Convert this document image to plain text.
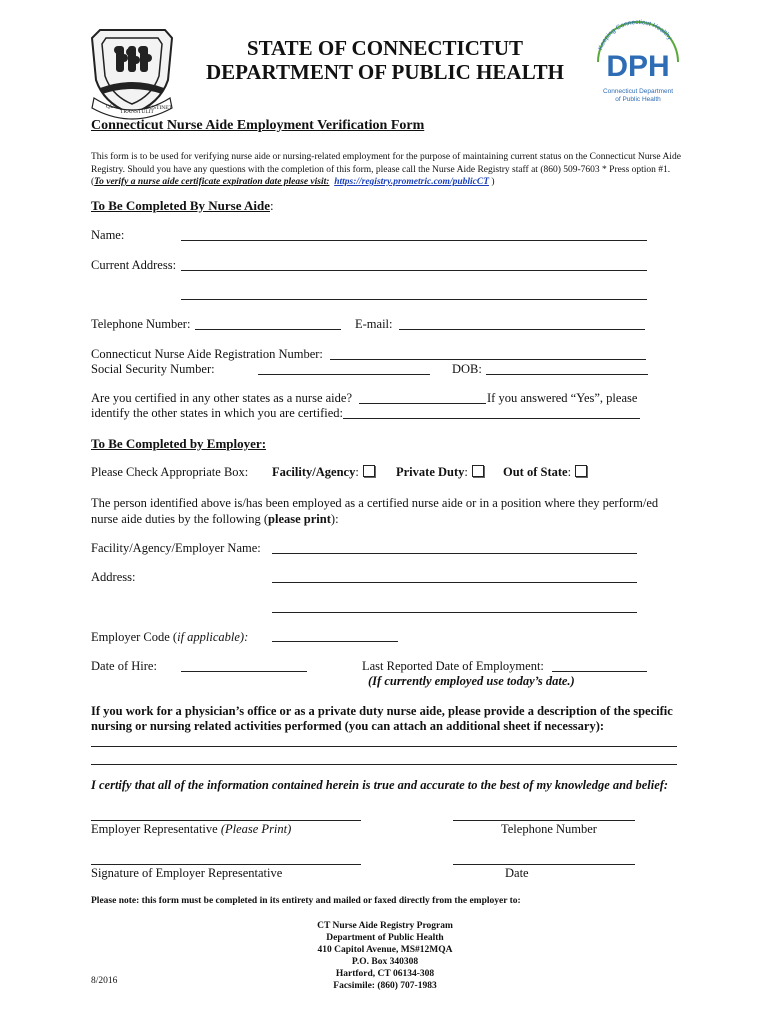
QUI
TRANSTULIT
SUSTINET
STATE OF CONNECTICTUT
DEPARTMENT OF PUBLIC HEALTH
Keeping Connecticut Healthy
DPH
Connecticut Department
of Public Health
Connecticut Nurse Aide Employment Verification Form
This form is to be used for verifying nurse aide or nursing-related employment for the purpose of maintaining current status on the Connecticut Nurse Aide Registry. Should you have any questions with the completion of this form, please call the Nurse Aide Registry staff at (860) 509-7603 * Press option #1. (To verify a nurse aide certificate expiration date please visit: https://registry.prometric.com/publicCT )
To Be Completed By Nurse Aide:
Name:
Current Address:
Telephone Number:	E-mail:
Connecticut Nurse Aide Registration Number:
Social Security Number:	DOB:
Are you certified in any other states as a nurse aide?	If you answered “Yes”, please
identify the other states in which you are certified:
To Be Completed by Employer:
Please Check Appropriate Box: Facility/Agency:	Private Duty:	Out of State:
The person identified above is/has been employed as a certified nurse aide or in a position where they perform/ed
nurse aide duties by the following (please print):
Facility/Agency/Employer Name:
Address:
Employer Code (if applicable):
Date of Hire:	Last Reported Date of Employment:
(If currently employed use today’s date.)
If you work for a physician’s office or as a private duty nurse aide, please provide a description of the specific
nursing or nursing related activities performed (you can attach an additional sheet if necessary):
I certify that all of the information contained herein is true and accurate to the best of my knowledge and belief:
Employer Representative (Please Print)	Telephone Number
Signature of Employer Representative	Date
Please note: this form must be completed in its entirety and mailed or faxed directly from the employer to:
CT Nurse Aide Registry Program
Department of Public Health
410 Capitol Avenue, MS#12MQA
P.O. Box 340308
Hartford, CT 06134-308
Facsimile: (860) 707-1983
8/2016
